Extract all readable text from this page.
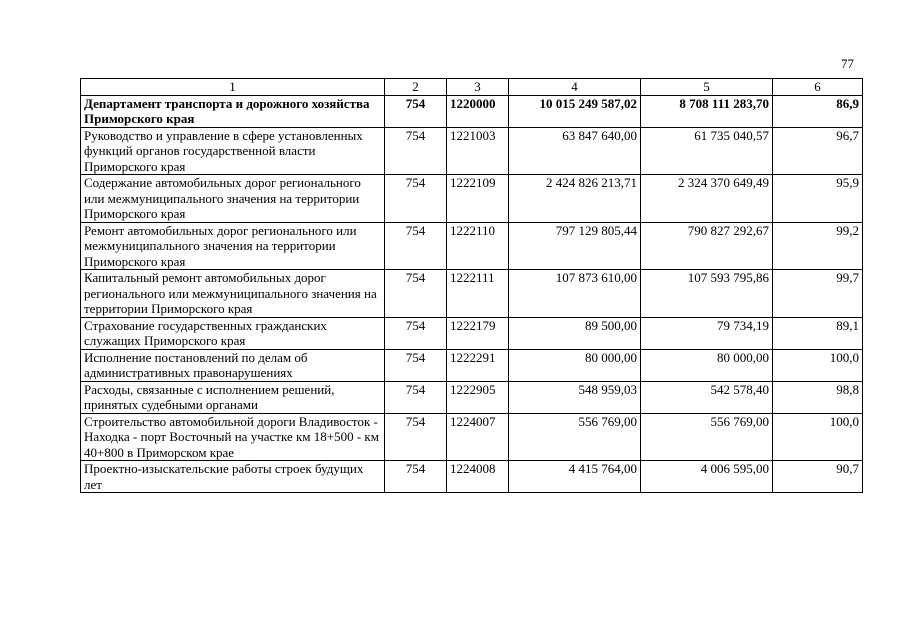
77
1	2	3	4	5	6
Департамент транспорта и дорожного хозяйства Приморского края	754	1220000	10 015 249 587,02	8 708 111 283,70	86,9
Руководство и управление в сфере установленных функций органов государственной власти Приморского края	754	1221003	63 847 640,00	61 735 040,57	96,7
Содержание автомобильных дорог регионального или межмуниципального значения на территории Приморского края	754	1222109	2 424 826 213,71	2 324 370 649,49	95,9
Ремонт автомобильных дорог регионального или межмуниципального значения на территории Приморского края	754	1222110	797 129 805,44	790 827 292,67	99,2
Капитальный ремонт автомобильных дорог регионального или межмуниципального значения на территории Приморского края	754	1222111	107 873 610,00	107 593 795,86	99,7
Страхование государственных гражданских служащих Приморского края	754	1222179	89 500,00	79 734,19	89,1
Исполнение постановлений по делам об административных правонарушениях	754	1222291	80 000,00	80 000,00	100,0
Расходы, связанные с исполнением решений, принятых судебными органами	754	1222905	548 959,03	542 578,40	98,8
Строительство автомобильной дороги Владивосток - Находка - порт Восточный на участке км 18+500 - км 40+800 в Приморском крае	754	1224007	556 769,00	556 769,00	100,0
Проектно-изыскательские работы строек будущих лет	754	1224008	4 415 764,00	4 006 595,00	90,7
